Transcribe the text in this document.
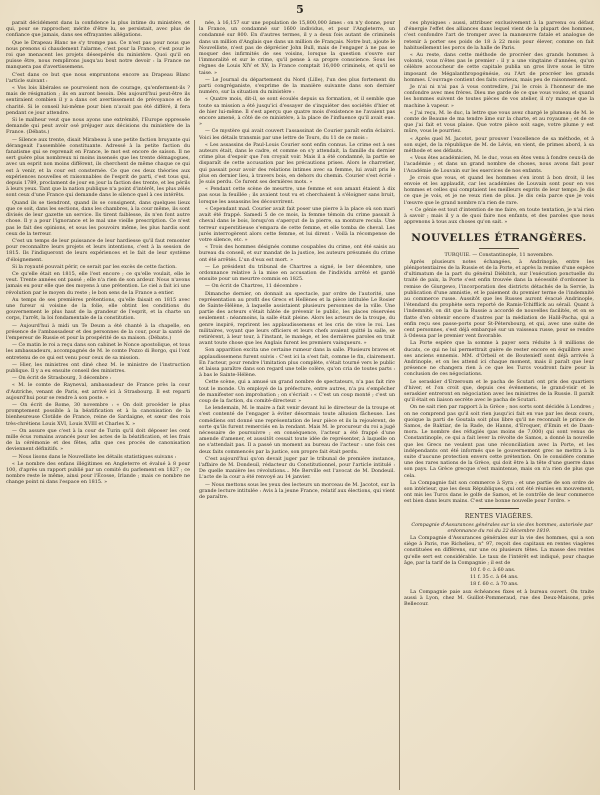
5

parait décidément dans la confidence la plus intime du ministère, et qui, pour se rapprocher, mérite d'être lu, se persistait, avec plus de confiance que jamais, dans ses effrayantes allégations.

Que le Drapeau Blanc ne s'y trompe pas. Ce n'est pas pour nous que nous prenons si chaudement l'alarme, c'est pour la France, c'est pour le roi que menacent les projets désespérés du ministère. Quoi qu'il en puisse être, nous remplirons jusqu'au bout notre devoir : la France ne manquera pas d'avertissemens.

C'est dans ce but que nous empruntons encore au Drapeau Blanc l'article suivant :

« Vos lois libérales se pourvoient non de courage, qu'enferment-ils ? mais de résignation ; ils en auront besoin. Dès aujourd'hui peut-être ils sentiraient combien il y a dans cet avertissement de prévoyance et de charité. Si le conseil lui-même pour bien n'avait pas été différé, il fera pendant ce jour attendre.

Si le malheur veut que nous ayons une extrémité, l'Europe oppressée demande qui peut avoir osé préjuger aux décisions du ministère de la France. (Débats.)

— Silence aux trente, disait Mirabeau à une petite faction bruyante qui dérangeait l'assemblée constituante. Adressé à la petite faction du fanatisme qui se reprenait en France, le mot est encore de saison. Il ne sert guère plus nombreux ni moins insensés que les trente démagogues, avec un esprit non moins différent, ils cherchent de même chaque ce qui est à venir, et la cour est consternée. Ce que ces deux théories aux expériences nouvelles et raisonnables de l'esprit de parti, c'est tous qui, depuis 1789, proclament de jour en jour la faction des trente, et les périls à leurs yeux. Tant que la nation publique n'a point d'intérêt, les plus zélés sont ceux d'une France qui demande dans le silence quel à ces intérêts.

Quand ils se tiendront, quand ils se consignent, dans quelques lieux que ce soit, dans les sections, dans les chambres, à la cour même, ils sont divisés de leur gazette un service. Ils tirent faiblesse, ils n'en font autre chose. Il y a pour l'ignorance et le mal une vieille prescription. Ce n'est pas le fait des opinions, et sous les pouvoirs même, les plus hardis sont ceux de la terreur.

C'est un temps de leur puissance de leur hardiesse qu'il faut remonter pour reconnaître leurs projets et leurs intentions, c'est à la session de 1815. Ils l'indiqueront de leurs expériences et le fait de leur système d'éloignement.

Si la royauté pouvait périr, ce serait par les excès de cette faction.

Ce qu'elle était en 1815, elle l'est encore ; ce qu'elle voulait, elle le veut. Trente années ont passé ; elle n'a rien de son ardeur. Nous n'avons jamais eu pour elle que des moyens à une prétention. Le ciel a fait ici une révolution par le moyen du reste ; le bon sens de la France a entier.

Au temps de ses premières prétentions, qu'elle faisait en 1815 avec une fureur si voisine de la folie, elle obtint les conditions du gouvernement le plus haut de la grandeur de l'esprit, et la charte un corps, l'arrêt, la loi fondamentale de la constitution.

— Aujourd'hui à midi un Te Deum a été chanté à la chapelle, en présence de l'ambassadeur et des personnes de la cour, pour la santé de l'empereur de Russie et pour la prospérité de sa maison. (Débats.)

— Ce matin le roi a reçu dans son cabinet le Nonce apostolique, et tous les ambassadeurs, accompagnés de M. le comte Pozzo di Borgo, qui l'ont entretenu de ce qui est venu pour ceux de sa mission.

— Hier, les ministres ont diné chez M. le ministre de l'instruction publique. Il y a eu ensuite conseil des ministres.

— On écrit de Strasbourg, 3 décembre :

« M. le comte de Rayneval, ambassadeur de France près la cour d'Autriche, venant de Paris, est arrivé ici à Strasbourg. Il est reparti aujourd'hui pour se rendre à son poste. »

— On écrit de Rome, 30 novembre : « On doit procéder le plus promptement possible à la béatification et à la canonisation de la bienheureuse Clotilde de France, reine de Sardaigne, et sœur des rois très-chrétiens Louis XVI, Louis XVIII et Charles X. »

— On assure que c'est à la cour de Turin qu'il doit déposer les cent mille écus romains avancés pour les actes de la béatification, et les frais de la cérémonie et des fêtes, afin que ces procès de canonisation deviennent définitifs. »

— Nous lisons dans le Nouvelliste les détails statistiques suivans :

« Le nombre des enfans illégitimes en Angleterre et évalué à 8 pour 100, d'après un rapport publié par un comité du parlement en 1827 ; ce nombre reste le même, ainsi pour l'Écosse, Irlande ; mais ce nombre ne change point ni dans l'espace en 1815. »

née, à 16,157 sur une population de 15,800,000 âmes : on n'y donne, pour la France, un condamné sur 1600 individus, et pour l'Angleterre, un condamné sur 800. En d'autres termes, il y a deux fois autant de criminels dans un million d'Anglais que dans un million de Français. Notre but, ajoute le Nouvelliste, n'est pas de déprécier John Bull, mais de l'engager à ne pas se moquer des infirmités de ses voisins, lorsque la question s'ouvre sur l'immoralité et sur le crime, qu'il pense à sa propre conscience. Sous les règnes de Louis XIV et XV, la France comptait 16,000 criminels, et qu'il se taise. »

— Le Journal du département du Nord (Lille), l'un des plus fortement du parti congréganiste, s'exprime de la manière suivante dans son dernier numéro, sur la situation du ministère :

« Quatre mois, dit-il, se sont écoulés depuis sa formation, et il semble que toute sa mission a été jusqu'ici d'essayer de s'inquiéter des sociétés d'hier et de hier lui-même. Il s'est aperçu que quatre mois d'existence ne l'avaient pas encore amené, à côté de ce ministère, à la place de l'influence qu'il avait eue. »

— Ce mystère qui avait couvert l'assassinat de Courier paraît enfin éclairci. Voici les détails transmis par une lettre de Tours, du 11 de ce mois :

« Les assassins de Paul-Louis Courier sont enfin connus. Le crime est à ses auteurs était, dans le cadre, et comme on s'y attendait, la famille du dernier crime plus d'espoir que l'on croyait voir. Mais il a été condamné, la partie se disparaît de cette accusation par les précautions prises. Alors le charretier, qui passait pour avoir des relations intimes avec sa femme, lui avait pris le plus en dernier lieu, à travers bois, en dehors du chemin. Courier s'est écrié : Je suis perdu. Ce furent ses dernières mots. »

« Pendant cette scène de meurtre, une femme et son amant étaient à dix pas sous la feuillée ; ils avaient tout vu et cherchaient à s'éloigner sans bruit, lorsque les assassins les découvrirent.

« Cependant mad. Courier avait fait poser une pierre à la place où son mari avait été frappé. Samedi 5 de ce mois, la femme témoin du crime passait à cheval dans le bois, lorsqu'on s'aperçut de la pierre, sa monture recula. Une terreur superstitieuse s'empara de cette femme, et elle tomba de cheval. Les jurés interrogèrent alors cette femme, et lui dirent : Voilà la récompense de votre silence, etc. »

« Trois des hommes désignés comme coupables du crime, ont été saisis au bureau du conseil, et sur mandat de la justice, les auteurs présumés du crime ont été arrêtés. L'un d'eux est mort. »

— Le président du tribunal de Chartres a signé, le 1er décembre, une ordonnance relative à la mise en accusation de l'individu arrêté et gardé ensuite pour un meurtre commis en 1825.

— On écrit de Chartres, 11 décembre :

Dimanche dernier, on donnait au spectacle, par ordre de l'autorité, une représentation au profit des Grecs et Hellènes et la pièce intitulée Le Rosier de Sainte-Hélène, à laquelle assistaient plusieurs personnes de la ville. Une partie des acteurs s'était hâtée de prévenir le public, les places réservées seulement : néanmoins, la salle était pleine. Alors les acteurs de la troupe, du genre inspiré, reprirent les applaudissemens et les cris de vive le roi. Les militaires, voyant que leurs officiers et leurs chefs avaient quitté la salle, se retirèrent, à leur tour, à l'instant, le manège, et les dernières paroles en trait avant toute chose que les Anglais furent les premiers vainqueurs. »

Son apparition excita une certaine rumeur dans la salle. Plusieurs braves et applaudissemens furent suivis : C'est ici la s'est fait, comme le fin, clairement. En l'acteur, pour rendre l'imitation plus complète, s'était tourné vers le public et laissa paraître dans son regard une telle colère, qu'on cria de toutes parts : à bas le Sainte-Hélène.

Cette scène, qui a amusé un grand nombre de spectateurs, n'a pas fait rire tout le monde. Un employé de la préfecture, entre autres, n'a pu s'empêcher de manifester son improbation ; on s'écriait : « C'est un coup monté ; c'est un coup de la faction, du comité-directeur. »

Le lendemain, M. le maire a fait venir devant lui le directeur de la troupe et s'est contenté de l'engager à éviter désormais toute allusion fâcheuse. Les comédiens ont donné une représentation de leur pièce et ils la rejouèrent, de sorte qu'ils furent remerciés en la rendant. Mais M. le procureur du roi a jugé nécessaire de poursuivre ; en conséquence, l'acteur a été frappé d'une amende d'amener, et aussitôt cessait toute idée de représenter, à laquelle on ne s'attendait pas. Il a passé un moment au bureau de l'acteur : une fois ces deux faits commencés par la justice, son propre fait était perdu.

C'est aujourd'hui qu'on devait juger par le tribunal de première instance, l'affaire de M. Dondeuil, rédacteur du Constitutionnel, pour l'article intitulé : De quelle manière les révolutions... Me Berville est l'avocat de M. Dondeuil. L'acte de la cour a été renvoyé au 14 janvier.

— Nous mettons sous les yeux des lecteurs un morceau de M. Jacotot, sur la grande lecture intitulée : Avis à la jeune France, relatif aux élections, qui vient de paraître.

ces physiques : aussi, attribuer exclusivement à la parvenu ou défaut d'énergie l'effet des alliances dans lequel vient de la plupart des hommes, c'est confondre l'art de tromper avec la manœuvre fatale et analogue de retenir à porter ses poids de 18 à 22 mois pour élever, comme on fait habituellement les porcs de la halle de Paris.

« Au reste, dans cette méthode de procréer des grands hommes à volonté, vous n'êtes pas le premier : il y a une vingtaine d'années, qu'un célèbre accoucheur de cette capitale publia un gros livre sous le titre imposant de Mégalanthropogénésie, ou l'Art de procréer les grands hommes. L'ouvrage contient des faits curieux, mais peu de raisonnement.

Je n'ai ni n'ai pas à vous contredire, j'ai le crois à l'honneur de me confondre avec mes frères. Dieu me garde de ce que vous voulez, et quand les hommes suivent de toutes pièces de vos atelier, il n'y manque que la machine à vapeur. »

« J'ai reçu, M. le duc, la lettre que vous avez chargé le plumeau de M. le comte de Beaune de ma tendre âme sur la charte, et au royaume ; et de ce que j'ai fait et vous plaise. Que votre pièce soit sage, votre plume y est mûre, vous le pourriez.

« Après quel M. Jacotot, pour prouver l'excellence de sa méthode, et à son sujet, de la république de M. de Lévis, en vient, de primes abord, à sa méthode et ses défauts.

« Vous êtes académicien, M. le duc, vous en êtes venu à fondre ceux-là de l'académie ; et dans un grand nombre de choses, nous avons fait pour l'Académie de Louvain sur les exercices de nos enfants.

Je crois que vous, et quand les hommes s'en iront à bon droit, il les envoie et les applaudit, car les académies de Louvain sont pour en vos hommes et celles qui comptaient les meilleurs esprits de leur temps. Je dis ce que je vois, et je ne veux rien de plus. Je dis cela parce que je vois l'œuvre que le grand nombre n'a rien de rare.

« Ce génie est tout d'intention de me faire, en toute tentation, je n'ai rien à savoir ; mais il y a de quoi faire nos enfants, et des paroles que nous apprenons à tous aux choses qu'on sait. »

NOUVELLES ÉTRANGÈRES.

TURQUIE. — Constantinople, 11 novembre.

Après plusieurs notes échangées, à Andrinople, entre les plénipotentiaires de la Russie et de la Porte, et après la remise d'une espèce d'ultimatum de la part du général Diébitch, sur l'exécution ponctuelle du traité de paix, la Porte s'est enfin trouvée dans la nécessité d'ordonner la remise de Giurgewo, l'incorporation des districts détachés de la Servie, la publication d'une amnistie, et le paiement du premier terme de l'indemnité au commerce russe. Aussitôt que les Russes auront évacué Andrinople, l'étendard du prophète sera reporté de Ramis-Tchifflick au sérail. Quant à l'indemnité, on dit que la Russie a accordé de nouvelles facilités, et on se flatte d'en obtenir encore d'autres par la médiation de Halil-Pacha, qui a enfin reçu ses passe-ports pour St-Pétersbourg, et qui, avec une suite de cent personnes, s'est déjà embarqué sur un vaisseau russe, pour se rendre à Odessa par le premier vent favorable.

La Porte espère que la somme à payer sera réduite à 8 millions de ducats, ce qui ne lui permettrait guère de rester encore en équilibre avec ses anciens ennemis. MM. d'Orbeil et de Boutenieff sont déjà arrivés à Andrinople, et on les attend ici chaque moment, mais il paraît que leur présence ne changera rien à ce que les Turcs voudront faire pour la conclusion de ces négociations.

Le seraskier d'Erzeroum et le pacha de Scutari ont pris des quartiers d'hiver, et l'on croit que, depuis ces événemens, le grand-visir et le seraskier entreront en négociation avec les ministres de la Russie. Il paraît qu'il était en liaison secrète avec le pacha de Scutari.

On ne sait rien par rapport à la Grèce ; nos sorts sont décidés à Londres ; on ne comprend pas qu'il soit rien jusqu'ici fait en vue par les deux cours, quoique la parti de Goutala soit plus libre qu'il ne reconnaît le prince de Samos, de Baktiar, de la Rade, de Hanns, d'Eroquer, d'Emin et de Daan-mora. Le nombre des réfugiés (pas moins de 7,000) qui sont venus de Constantinople, ce qui a fait lever la révolte de Samos, a donné la nouvelle que les Grecs ne veulent pas une réconciliation avec la Porte, et les indépendants ont été informés que le gouvernement grec ne mettra à la suite d'aucune protection envers cette prétention. On le considère comme une des rares nations de la Grèce, qui doit être à la tête d'une guerre dans son pays. La Grèce grecque s'est maintenue, mais on n'a rien de plus que cela.

La Compagnie fait son commerce à Syra ; et une partie de son ordre de son intérieur, que les deux Républiques, qui ont été réunies en mouvement, ont mis les Turcs dans le golfe de Samos, et le contrôle de leur commerce est bien dans leurs mains. C'est une bonne nouvelle pour l'ordre. »

RENTES VIAGÈRES.

Compagnie d'Assurances générales sur la vie des hommes, autorisée par ordonnance du roi du 22 décembre 1819.

La Compagnie d'Assurances générales sur la vie des hommes, qui a son siège à Paris, rue Richelieu, n° 97, reçoit des capitaux en rentes viagères constituées en différens, sur une ou plusieurs têtes. La masse des rentes qu'elle sert est considérable. Le taux de l'intérêt est indiqué, pour chaque âge, par la tarif de la Compagnie ; il est de

10 f. 0 c. à 60 ans.

11 f. 35 c. à 64 ans.

18 f. 60 c. à 70 ans.

La Compagnie paie aux échéances fixes et à bureau ouvert. On traite aussi à Lyon, chez M. Guillot-Pommeraud, rue des Deux-Maisons, près Bellecour.
